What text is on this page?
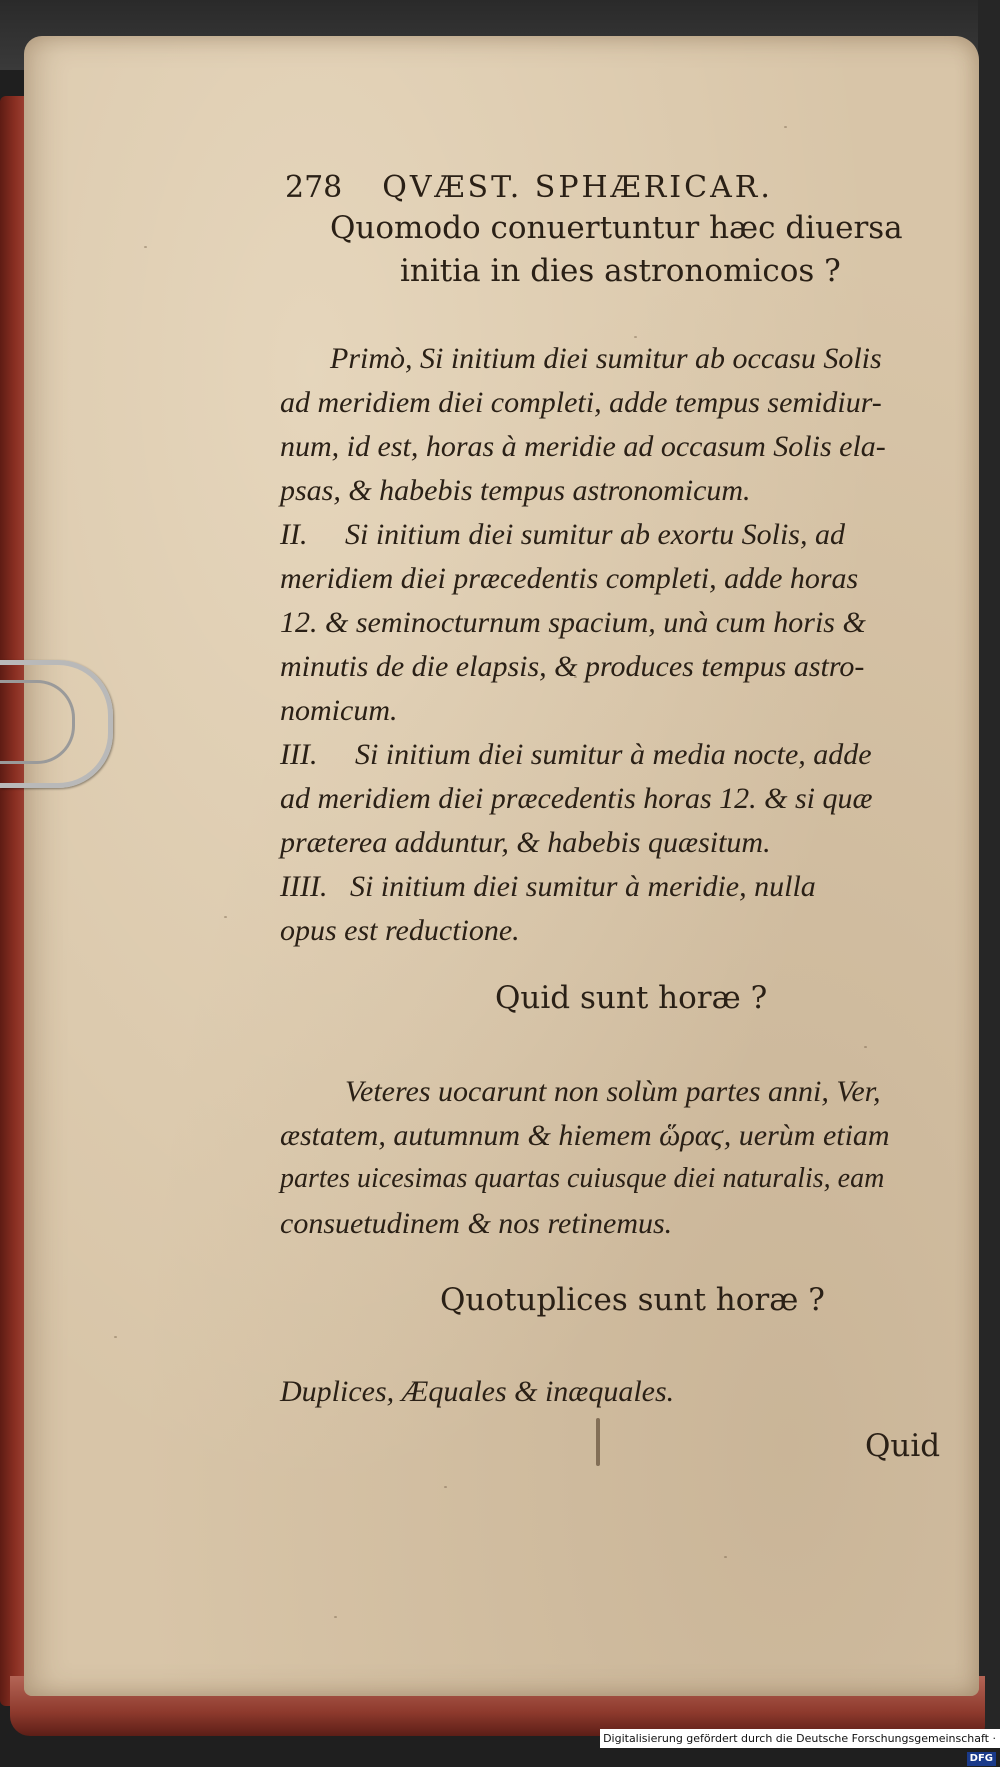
278 QVÆST. SPHÆRICAR.
Quomodo conuertuntur hæc diuersa
initia in dies astronomicos ?
Primò, Si initium diei sumitur ab occasu Solis
ad meridiem diei completi, adde tempus semidiur-
num, id est, horas à meridie ad occasum Solis ela-
psas, & habebis tempus astronomicum.
II.     Si initium diei sumitur ab exortu Solis, ad
meridiem diei præcedentis completi, adde horas
12. & seminocturnum spacium, unà cum horis &
minutis de die elapsis, & produces tempus astro-
nomicum.
III.     Si initium diei sumitur à media nocte, adde
ad meridiem diei præcedentis horas 12. & si quæ
præterea adduntur, & habebis quæsitum.
IIII.   Si initium diei sumitur à meridie, nulla
opus est reductione.
Quid sunt horæ ?
Veteres uocarunt non solùm partes anni, Ver,
æstatem, autumnum & hiemem ὥραϛ, uerùm etiam
partes uicesimas quartas cuiusque diei naturalis, eam
consuetudinem & nos retinemus.
Quotuplices sunt horæ ?
Duplices, Æquales & inæquales.
Quid
Digitalisierung gefördert durch die Deutsche Forschungsgemeinschaft ·DFG
